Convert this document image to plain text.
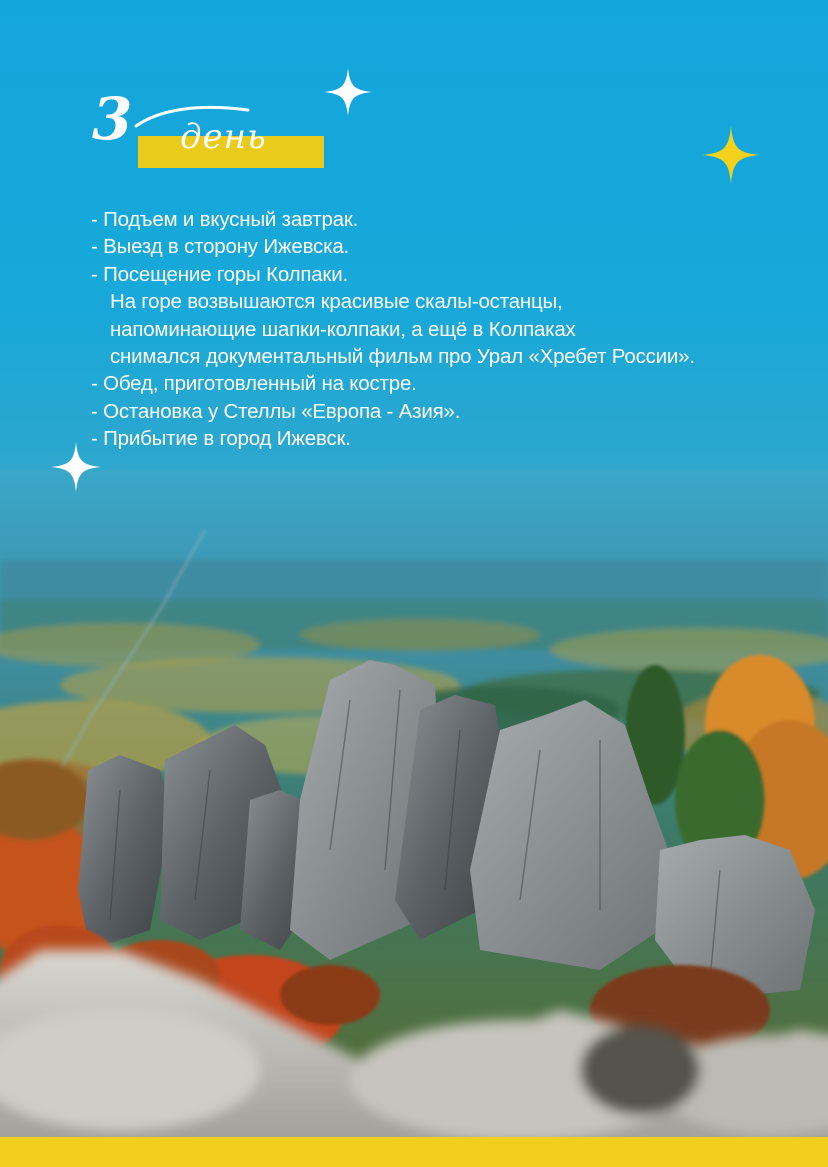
3 день

- Подъем и вкусный завтрак.

- Выезд в сторону Ижевска.

- Посещение горы Колпаки.

На горе возвышаются красивые скалы-останцы,

напоминающие шапки-колпаки, а ещё в Колпаках

снимался документальный фильм про Урал «Хребет России».

- Обед, приготовленный на костре.

- Остановка у Стеллы «Европа - Азия».

- Прибытие в город Ижевск.
